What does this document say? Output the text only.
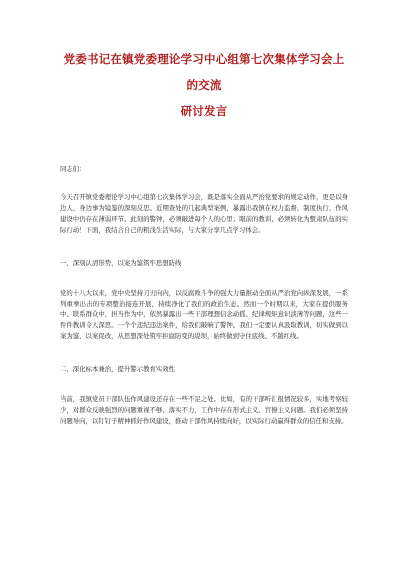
党委书记在镇党委理论学习中心组第七次集体学习会上的交流
研讨发言

同志们：

今天召开镇党委理论学习中心组第七次集体学习会，既是落实全面从严治党要求的规定动作，更是以身边人、身边事为镜鉴的深刻反思。近期查处的几起典型案例，暴露出我镇在权力监督、制度执行、作风建设中仍存在薄弱环节。此刻的警钟，必须敲进每个人的心里；眼前的教训，必须转化为整肃队伍的实际行动！下面，我结合自己的粗浅生活实际，与大家分享几点学习体会。

一、深刻认清形势，以案为鉴筑牢思想防线

党的十八大以来，党中央坚持刀刃向内，以反腐败斗争的强大力量推动全面从严治党向纵深发展，一系列重拳出击的专项整治接连开展，持续净化了我们的政治生态。然而一个时期以来，大家在提供服务中、联系群众中，担当作为中，依然暴露出一些干部理想信念动摇、纪律规矩意识淡薄等问题，这些一件件教训令人深思。一个个违纪违法案件，给我们敲响了警钟。我们一定要认真汲取教训，切实做到以案为鉴、以案促改，从思想深处筑牢拒腐防变的堤坝，始终做到守住底线、不越红线。

二、深化标本兼治，提升警示教育实效性

当前，我镇党员干部队伍作风建设还存在一些不足之处。比如，有的干部听汇报情况较多，实地考察较少，对群众反映强烈的问题重视不够、落实不力，工作中存在形式主义、官僚主义问题。我们必须坚持问题导向，以钉钉子精神抓好作风建设，推动干部作风持续向好，以实际行动赢得群众的信任和支持。
